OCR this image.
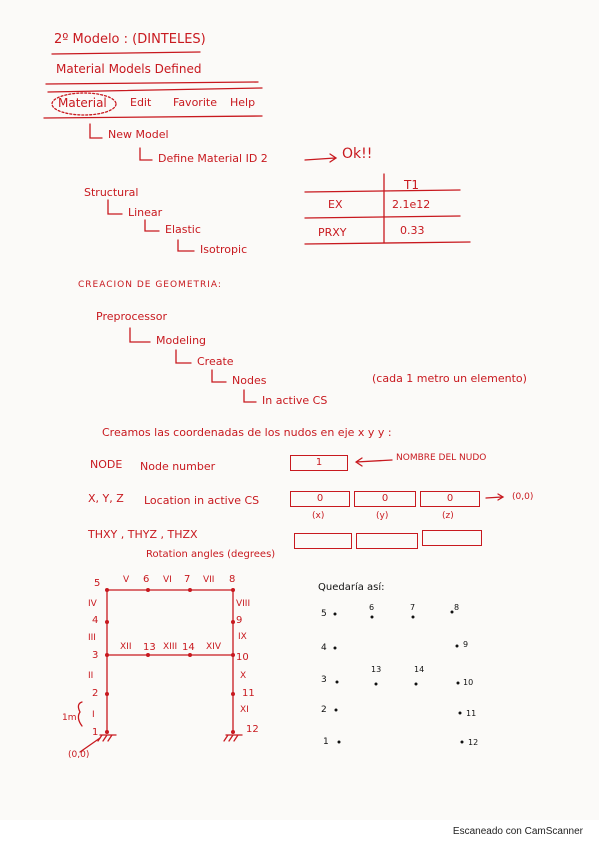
2º Modelo : (DINTELES)
Material Models Defined
Material Edit Favorite Help
New Model
Define Material ID 2	Ok!!
Structural
Linear
Elastic
Isotropic
T1
EX	2.1e12
PRXY	0.33
CREACION DE GEOMETRIA:
Preprocessor
Modeling
Create
Nodes
In active CS
(cada 1 metro un elemento)
Creamos las coordenadas de los nudos en eje x y y :
NODE Node number	1	NOMBRE DEL NUDO
X, Y, Z Location in active CS	0	0	0
(x)	(y)	(z)
(0,0)
THXY , THYZ , THZX
Rotation angles (degrees)
5	6	7	8
V	VI	VII
IV	VIII
4	9
III	IX
XII 13 XIII 14 XIV
3	10
II	X
2	11
I	XI
1m
1	12
(0,0)
Quedaría así:
5
6	7	8
4	9
13	14
3	10
2	11
1	12
Escaneado con CamScanner
